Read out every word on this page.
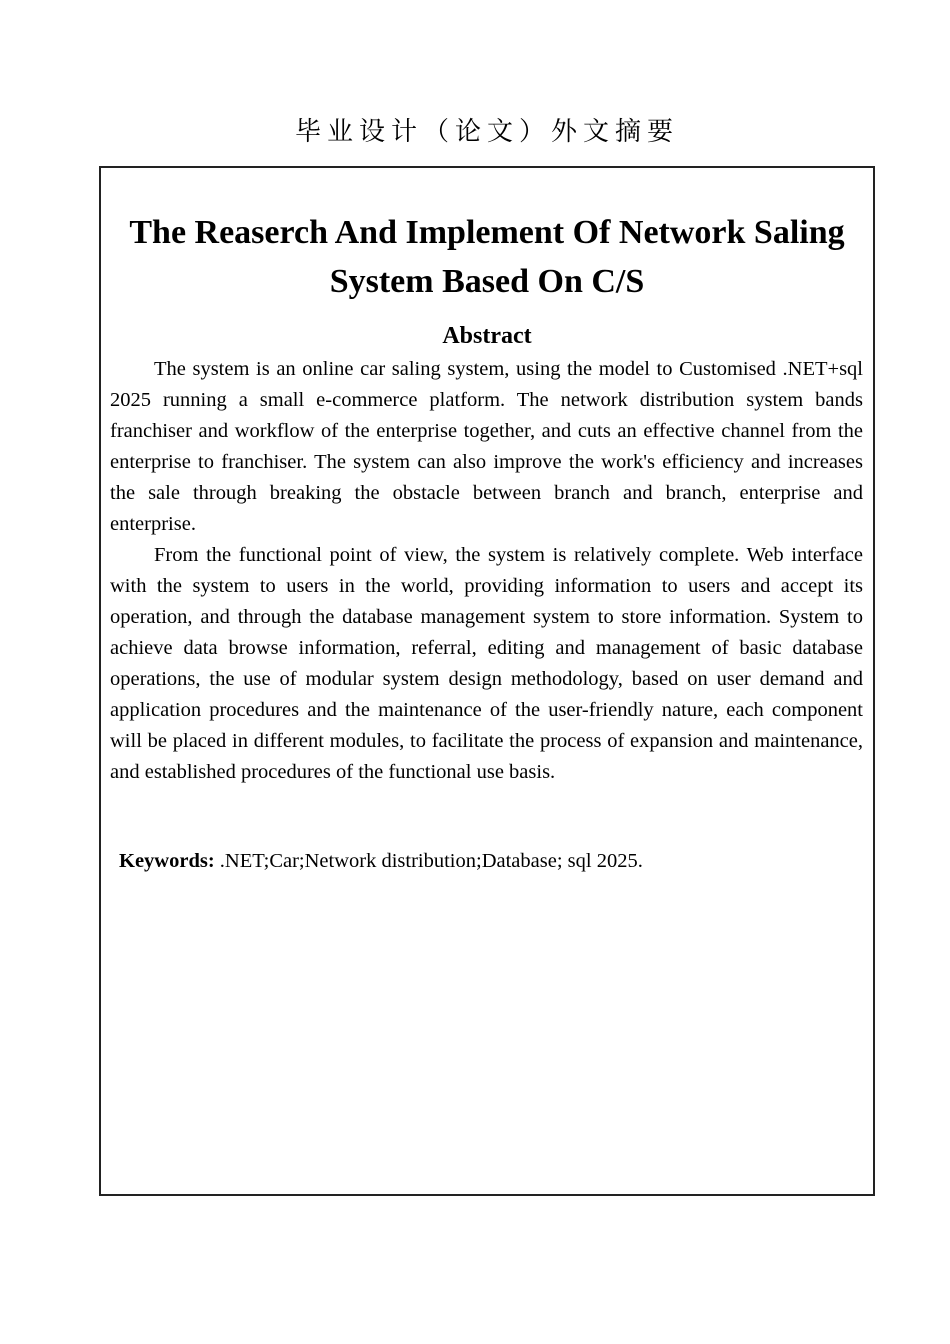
毕业设计（论文）外文摘要
The Reaserch And Implement Of Network Saling System Based On C/S
Abstract

The system is an online car saling system, using the model to Customised .NET+sql 2025 running a small e-commerce platform. The network distribution system bands franchiser and workflow of the enterprise together, and cuts an effective channel from the enterprise to franchiser. The system can also improve the work's efficiency and increases the sale through breaking the obstacle between branch and branch, enterprise and enterprise.

From the functional point of view, the system is relatively complete. Web interface with the system to users in the world, providing information to users and accept its operation, and through the database management system to store information. System to achieve data browse information, referral, editing and management of basic database operations, the use of modular system design methodology, based on user demand and application procedures and the maintenance of the user-friendly nature, each component will be placed in different modules, to facilitate the process of expansion and maintenance, and established procedures of the functional use basis.

Keywords: .NET;Car;Network distribution;Database; sql 2025.
